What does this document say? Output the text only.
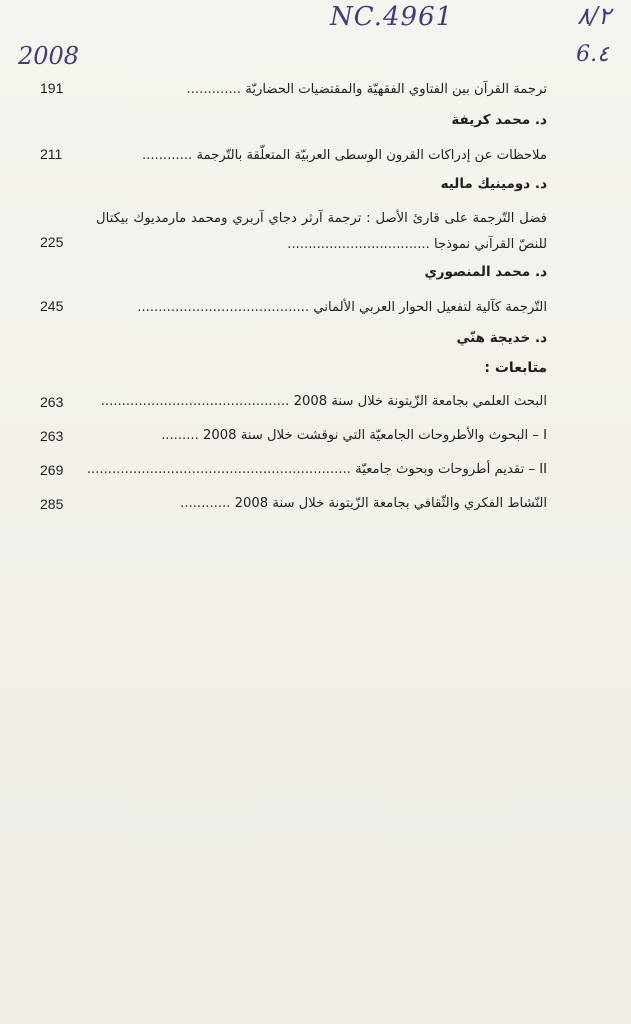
NC.4961
2008
٨/٢
6.٤
ترجمة القرآن بين الفتاوي الفقهيّة والمقتضيات الحضاريّة .............
191
د. محمد كريفة
ملاحظات عن إدراكات القرون الوسطى العربيّة المتعلّقة بالتّرجمة ............
211
د. دومينيك ماليه
فضل التّرجمة على قارئ الأصل : ترجمة آرثر دجاي آربري ومحمد مارمديوك بيكتال للنصّ القرآني نموذجا ..................................
225
د. محمد المنصوري
التّرجمة كآلية لتفعيل الحوار العربي الألماني .........................................
245
د. خديجة هنّي
متابعات :
البحث العلمي بجامعة الزّيتونة خلال سنة 2008 .............................................
263
I – البحوث والأطروحات الجامعيّة التي نوقشت خلال سنة 2008 .........
263
II – تقديم أطروحات وبحوث جامعيّة ...............................................................
269
النّشاط الفكري والثّقافي بجامعة الزّيتونة خلال سنة 2008 ............
285
